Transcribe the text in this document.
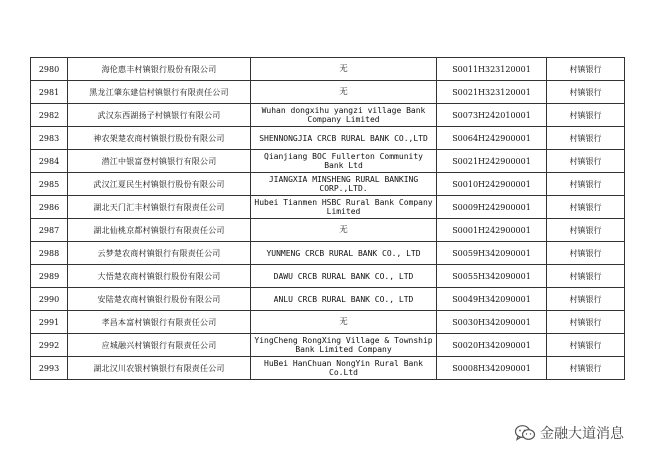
2980	海伦惠丰村镇银行股份有限公司	无	S0011H323120001	村镇银行
2981	黑龙江肇东建信村镇银行有限责任公司	无	S0021H323120001	村镇银行
2982	武汉东西湖扬子村镇银行有限公司	Wuhan dongxihu yangzi village Bank Company Limited	S0073H242010001	村镇银行
2983	神农架楚农商村镇银行股份有限公司	SHENNONGJIA CRCB RURAL BANK CO.,LTD	S0064H242900001	村镇银行
2984	潜江中银富登村镇银行有限公司	Qianjiang BOC Fullerton Community Bank Ltd	S0021H242900001	村镇银行
2985	武汉江夏民生村镇银行股份有限公司	JIANGXIA MINSHENG RURAL BANKING CORP.,LTD.	S0010H242900001	村镇银行
2986	湖北天门汇丰村镇银行有限责任公司	Hubei Tianmen HSBC Rural Bank Company Limited	S0009H242900001	村镇银行
2987	湖北仙桃京都村镇银行有限责任公司	无	S0001H242900001	村镇银行
2988	云梦楚农商村镇银行有限责任公司	YUNMENG CRCB RURAL BANK CO., LTD	S0059H342090001	村镇银行
2989	大悟楚农商村镇银行股份有限公司	DAWU CRCB RURAL BANK CO., LTD	S0055H342090001	村镇银行
2990	安陆楚农商村镇银行股份有限公司	ANLU CRCB RURAL BANK CO., LTD	S0049H342090001	村镇银行
2991	孝昌本富村镇银行有限责任公司	无	S0030H342090001	村镇银行
2992	应城融兴村镇银行有限责任公司	YingCheng RongXing Village & Township Bank Limited Company	S0020H342090001	村镇银行
2993	湖北汉川农银村镇银行有限责任公司	HuBei HanChuan NongYin Rural Bank Co.Ltd	S0008H342090001	村镇银行
金融大道消息
